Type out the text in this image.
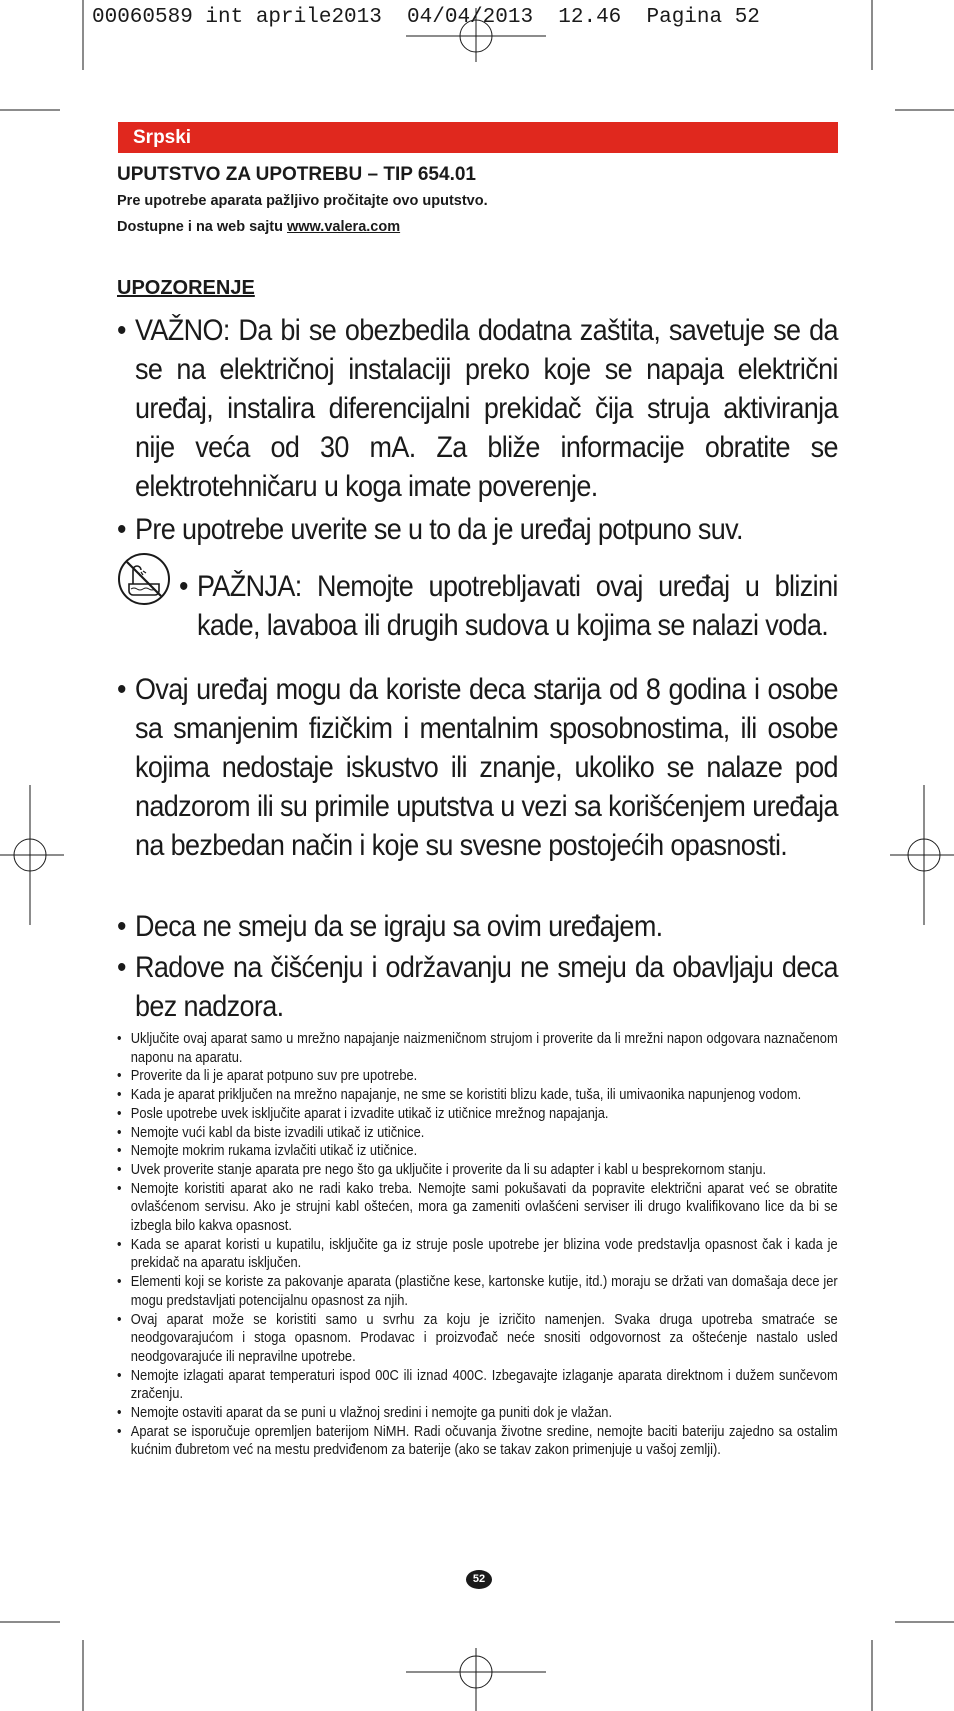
00060589 int aprile2013  04/04/2013  12.46  Pagina 52
Srpski
UPUTSTVO ZA UPOTREBU – TIP 654.01
Pre upotrebe aparata pažljivo pročitajte ovo uputstvo.
Dostupne i na web sajtu www.valera.com
UPOZORENJE
• VAŽNO: Da bi se obezbedila dodatna zaštita, savetuje se da se na električnoj instalaciji preko koje se napaja električni uređaj, instalira diferencijalni prekidač čija struja aktiviranja nije veća od 30 mA. Za bliže informacije obratite se elektrotehničaru u koga imate poverenje.
• Pre upotrebe uverite se u to da je uređaj potpuno suv.
• PAŽNJA: Nemojte upotrebljavati ovaj uređaj u blizini kade, lavaboa ili drugih sudova u kojima se nalazi voda.
• Ovaj uređaj mogu da koriste deca starija od 8 godina i osobe sa smanjenim fizičkim i mentalnim sposobnostima, ili osobe kojima nedostaje iskustvo ili znanje, ukoliko se nalaze pod nadzorom ili su primile uputstva u vezi sa korišćenjem uređaja na bezbedan način i koje su svesne postojećih opasnosti.
• Deca ne smeju da se igraju sa ovim uređajem.
• Radove na čišćenju i održavanju ne smeju da obavljaju deca bez nadzora.
• Uključite ovaj aparat samo u mrežno napajanje naizmeničnom strujom i proverite da li mrežni napon odgovara naznačenom naponu na aparatu.
• Proverite da li je aparat potpuno suv pre upotrebe.
• Kada je aparat priključen na mrežno napajanje, ne sme se koristiti blizu kade, tuša, ili umivaonika napunjenog vodom.
• Posle upotrebe uvek isključite aparat i izvadite utikač iz utičnice mrežnog napajanja.
• Nemojte vući kabl da biste izvadili utikač iz utičnice.
• Nemojte mokrim rukama izvlačiti utikač iz utičnice.
• Uvek proverite stanje aparata pre nego što ga uključite i proverite da li su adapter i kabl u besprekornom stanju.
• Nemojte koristiti aparat ako ne radi kako treba. Nemojte sami pokušavati da popravite električni aparat već se obratite ovlašćenom servisu. Ako je strujni kabl oštećen, mora ga zameniti ovlašćeni serviser ili drugo kvalifikovano lice da bi se izbegla bilo kakva opasnost.
• Kada se aparat koristi u kupatilu, isključite ga iz struje posle upotrebe jer blizina vode predstavlja opasnost čak i kada je prekidač na aparatu isključen.
• Elementi koji se koriste za pakovanje aparata (plastične kese, kartonske kutije, itd.) moraju se držati van domašaja dece jer mogu predstavljati potencijalnu opasnost za njih.
• Ovaj aparat može se koristiti samo u svrhu za koju je izričito namenjen. Svaka druga upotreba smatraće se neodgovarajućom i stoga opasnom. Prodavac i proizvođač neće snositi odgovornost za oštećenje nastalo usled neodgovarajuće ili nepravilne upotrebe.
• Nemojte izlagati aparat temperaturi ispod 00C ili iznad 400C. Izbegavajte izlaganje aparata direktnom i dužem sunčevom zračenju.
• Nemojte ostaviti aparat da se puni u vlažnoj sredini i nemojte ga puniti dok je vlažan.
• Aparat se isporučuje opremljen baterijom NiMH. Radi očuvanja životne sredine, nemojte baciti bateriju zajedno sa ostalim kućnim đubretom već na mestu predviđenom za baterije (ako se takav zakon primenjuje u vašoj zemlji).
52
